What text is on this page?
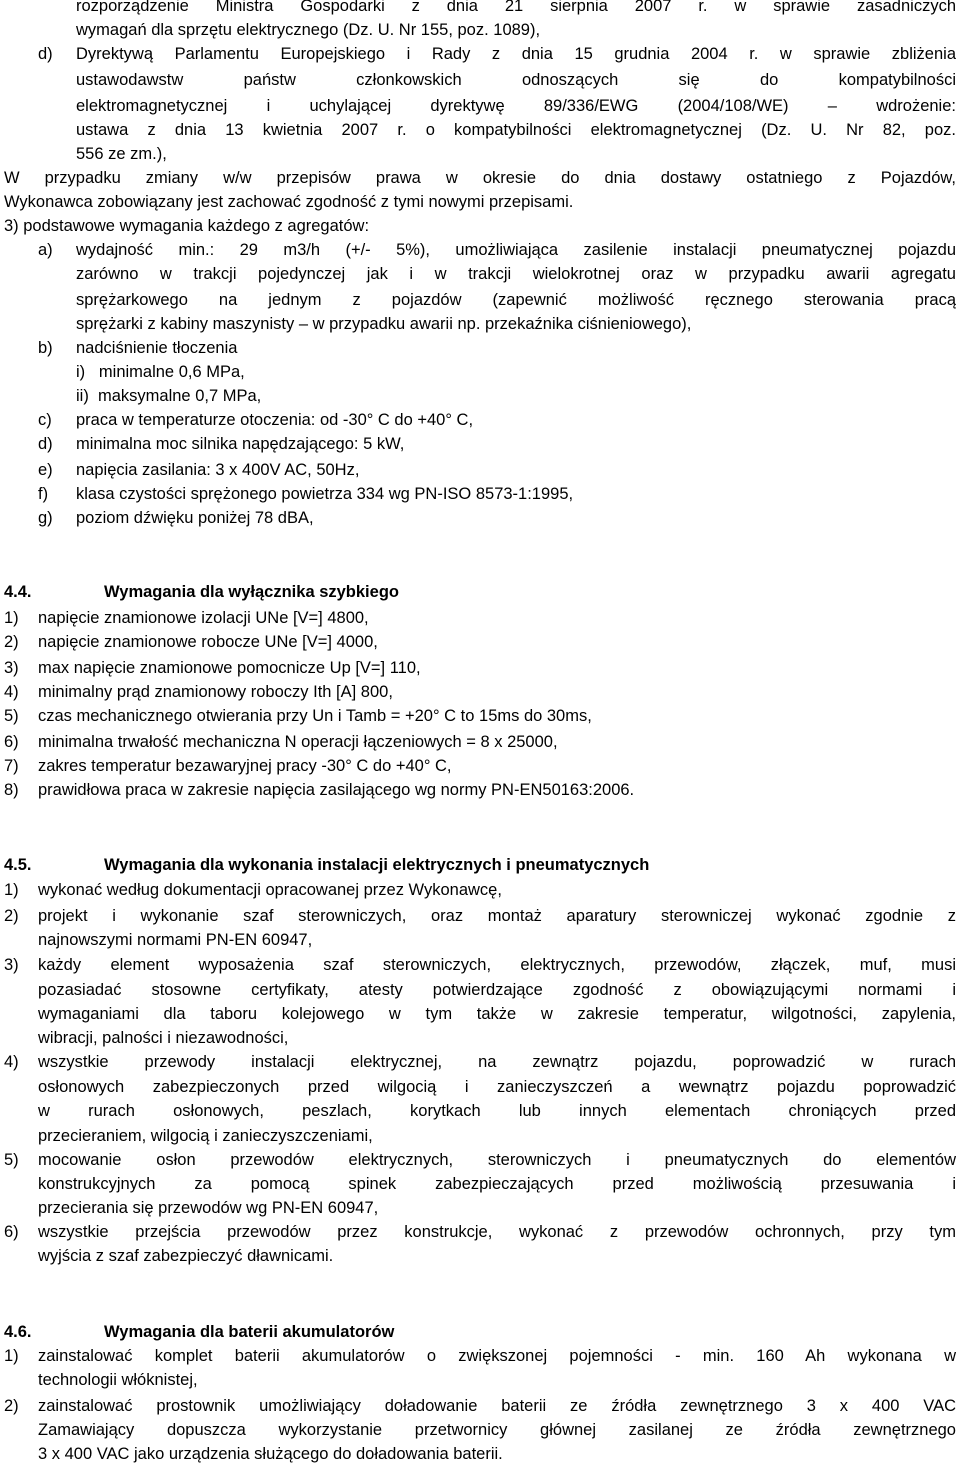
rozporządzenie Ministra Gospodarki z dnia 21 sierpnia 2007 r. w sprawie zasadniczych
wymagań dla sprzętu elektrycznego (Dz. U. Nr 155, poz. 1089),
d) Dyrektywą Parlamentu Europejskiego i Rady z dnia 15 grudnia 2004 r. w sprawie zbliżenia
ustawodawstw państw członkowskich odnoszących się do kompatybilności
elektromagnetycznej i uchylającej dyrektywę 89/336/EWG (2004/108/WE) – wdrożenie:
ustawa z dnia 13 kwietnia 2007 r. o kompatybilności elektromagnetycznej (Dz. U. Nr 82, poz.
556 ze zm.),
W przypadku zmiany w/w przepisów prawa w okresie do dnia dostawy ostatniego z Pojazdów,
Wykonawca zobowiązany jest zachować zgodność z tymi nowymi przepisami.
3) podstawowe wymagania każdego z agregatów:
a) wydajność min.: 29 m3/h (+/- 5%), umożliwiająca zasilenie instalacji pneumatycznej pojazdu
zarówno w trakcji pojedynczej jak i w trakcji wielokrotnej oraz w przypadku awarii agregatu
sprężarkowego na jednym z pojazdów (zapewnić możliwość ręcznego sterowania pracą
sprężarki z kabiny maszynisty – w przypadku awarii np. przekaźnika ciśnieniowego),
b) nadciśnienie tłoczenia
i)   minimalne 0,6 MPa,
ii)  maksymalne 0,7 MPa,
c) praca w temperaturze otoczenia: od -30° C do +40° C,
d) minimalna moc silnika napędzającego: 5 kW,
e) napięcia zasilania: 3 x 400V AC, 50Hz,
f) klasa czystości sprężonego powietrza 334 wg PN-ISO 8573-1:1995,
g) poziom dźwięku poniżej 78 dBA,
4.4.	Wymagania dla wyłącznika szybkiego
1) napięcie znamionowe izolacji UNe [V=] 4800,
2) napięcie znamionowe robocze UNe [V=] 4000,
3) max napięcie znamionowe pomocnicze Up [V=] 110,
4) minimalny prąd znamionowy roboczy Ith [A] 800,
5) czas mechanicznego otwierania przy Un i Tamb = +20° C to 15ms do 30ms,
6) minimalna trwałość mechaniczna N operacji łączeniowych = 8 x 25000,
7) zakres temperatur bezawaryjnej pracy -30° C do +40° C,
8) prawidłowa praca w zakresie napięcia zasilającego wg normy PN-EN50163:2006.
4.5.	Wymagania dla wykonania instalacji elektrycznych i pneumatycznych
1) wykonać według dokumentacji opracowanej przez Wykonawcę,
2) projekt i wykonanie szaf sterowniczych, oraz montaż aparatury sterowniczej wykonać zgodnie z
najnowszymi normami PN-EN 60947,
3) każdy element wyposażenia szaf sterowniczych, elektrycznych, przewodów, złączek, muf, musi
pozasiadać stosowne certyfikaty, atesty potwierdzające zgodność z obowiązującymi normami i
wymaganiami dla taboru kolejowego w tym także w zakresie temperatur, wilgotności, zapylenia,
wibracji, palności i niezawodności,
4) wszystkie przewody instalacji elektrycznej, na zewnątrz pojazdu, poprowadzić w rurach
osłonowych zabezpieczonych przed wilgocią i zanieczyszczeń a wewnątrz pojazdu poprowadzić
w rurach osłonowych, peszlach, korytkach lub innych elementach chroniących przed
przecieraniem, wilgocią i zanieczyszczeniami,
5) mocowanie osłon przewodów elektrycznych, sterowniczych i pneumatycznych do elementów
konstrukcyjnych za pomocą spinek zabezpieczających przed możliwością przesuwania i
przecierania się przewodów wg PN-EN 60947,
6) wszystkie przejścia przewodów przez konstrukcje, wykonać z przewodów ochronnych, przy tym
wyjścia z szaf zabezpieczyć dławnicami.
4.6.	Wymagania dla baterii akumulatorów
1) zainstalować komplet baterii akumulatorów o zwiększonej pojemności - min. 160 Ah wykonana w
technologii włóknistej,
2) zainstalować prostownik umożliwiający doładowanie baterii ze źródła zewnętrznego 3 x 400 VAC
Zamawiający dopuszcza wykorzystanie przetwornicy głównej zasilanej ze źródła zewnętrznego
3 x 400 VAC jako urządzenia służącego do doładowania baterii.
